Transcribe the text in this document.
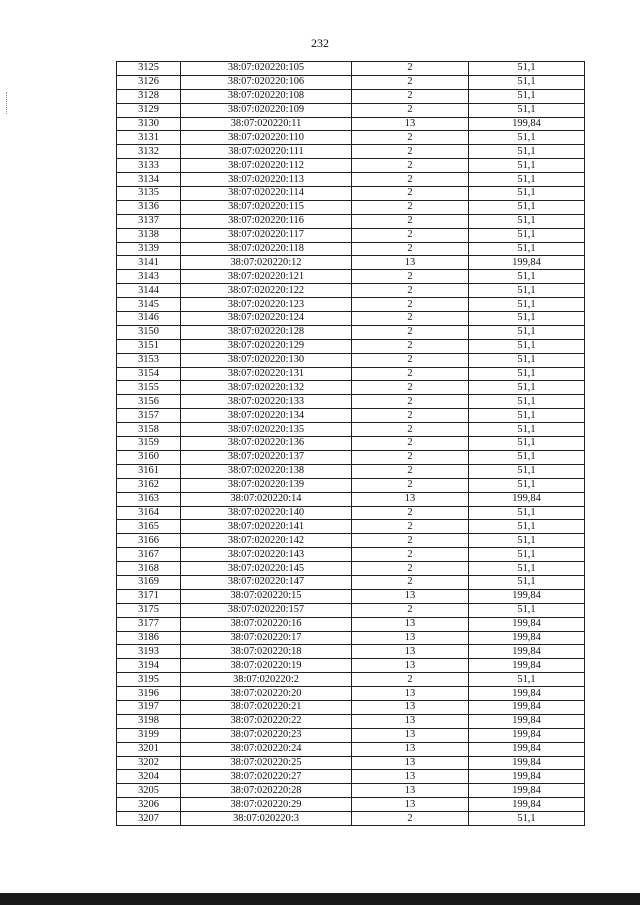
232
3125	38:07:020220:105	2	51,1
3126	38:07:020220:106	2	51,1
3128	38:07:020220:108	2	51,1
3129	38:07:020220:109	2	51,1
3130	38:07:020220:11	13	199,84
3131	38:07:020220:110	2	51,1
3132	38:07:020220:111	2	51,1
3133	38:07:020220:112	2	51,1
3134	38:07:020220:113	2	51,1
3135	38:07:020220:114	2	51,1
3136	38:07:020220:115	2	51,1
3137	38:07:020220:116	2	51,1
3138	38:07:020220:117	2	51,1
3139	38:07:020220:118	2	51,1
3141	38:07:020220:12	13	199,84
3143	38:07:020220:121	2	51,1
3144	38:07:020220:122	2	51,1
3145	38:07:020220:123	2	51,1
3146	38:07:020220:124	2	51,1
3150	38:07:020220:128	2	51,1
3151	38:07:020220:129	2	51,1
3153	38:07:020220:130	2	51,1
3154	38:07:020220:131	2	51,1
3155	38:07:020220:132	2	51,1
3156	38:07:020220:133	2	51,1
3157	38:07:020220:134	2	51,1
3158	38:07:020220:135	2	51,1
3159	38:07:020220:136	2	51,1
3160	38:07:020220:137	2	51,1
3161	38:07:020220:138	2	51,1
3162	38:07:020220:139	2	51,1
3163	38:07:020220:14	13	199,84
3164	38:07:020220:140	2	51,1
3165	38:07:020220:141	2	51,1
3166	38:07:020220:142	2	51,1
3167	38:07:020220:143	2	51,1
3168	38:07:020220:145	2	51,1
3169	38:07:020220:147	2	51,1
3171	38:07:020220:15	13	199,84
3175	38:07:020220:157	2	51,1
3177	38:07:020220:16	13	199,84
3186	38:07:020220:17	13	199,84
3193	38:07:020220:18	13	199,84
3194	38:07:020220:19	13	199,84
3195	38:07:020220:2	2	51,1
3196	38:07:020220:20	13	199,84
3197	38:07:020220:21	13	199,84
3198	38:07:020220:22	13	199,84
3199	38:07:020220:23	13	199,84
3201	38:07:020220:24	13	199,84
3202	38:07:020220:25	13	199,84
3204	38:07:020220:27	13	199,84
3205	38:07:020220:28	13	199,84
3206	38:07:020220:29	13	199,84
3207	38:07:020220:3	2	51,1
